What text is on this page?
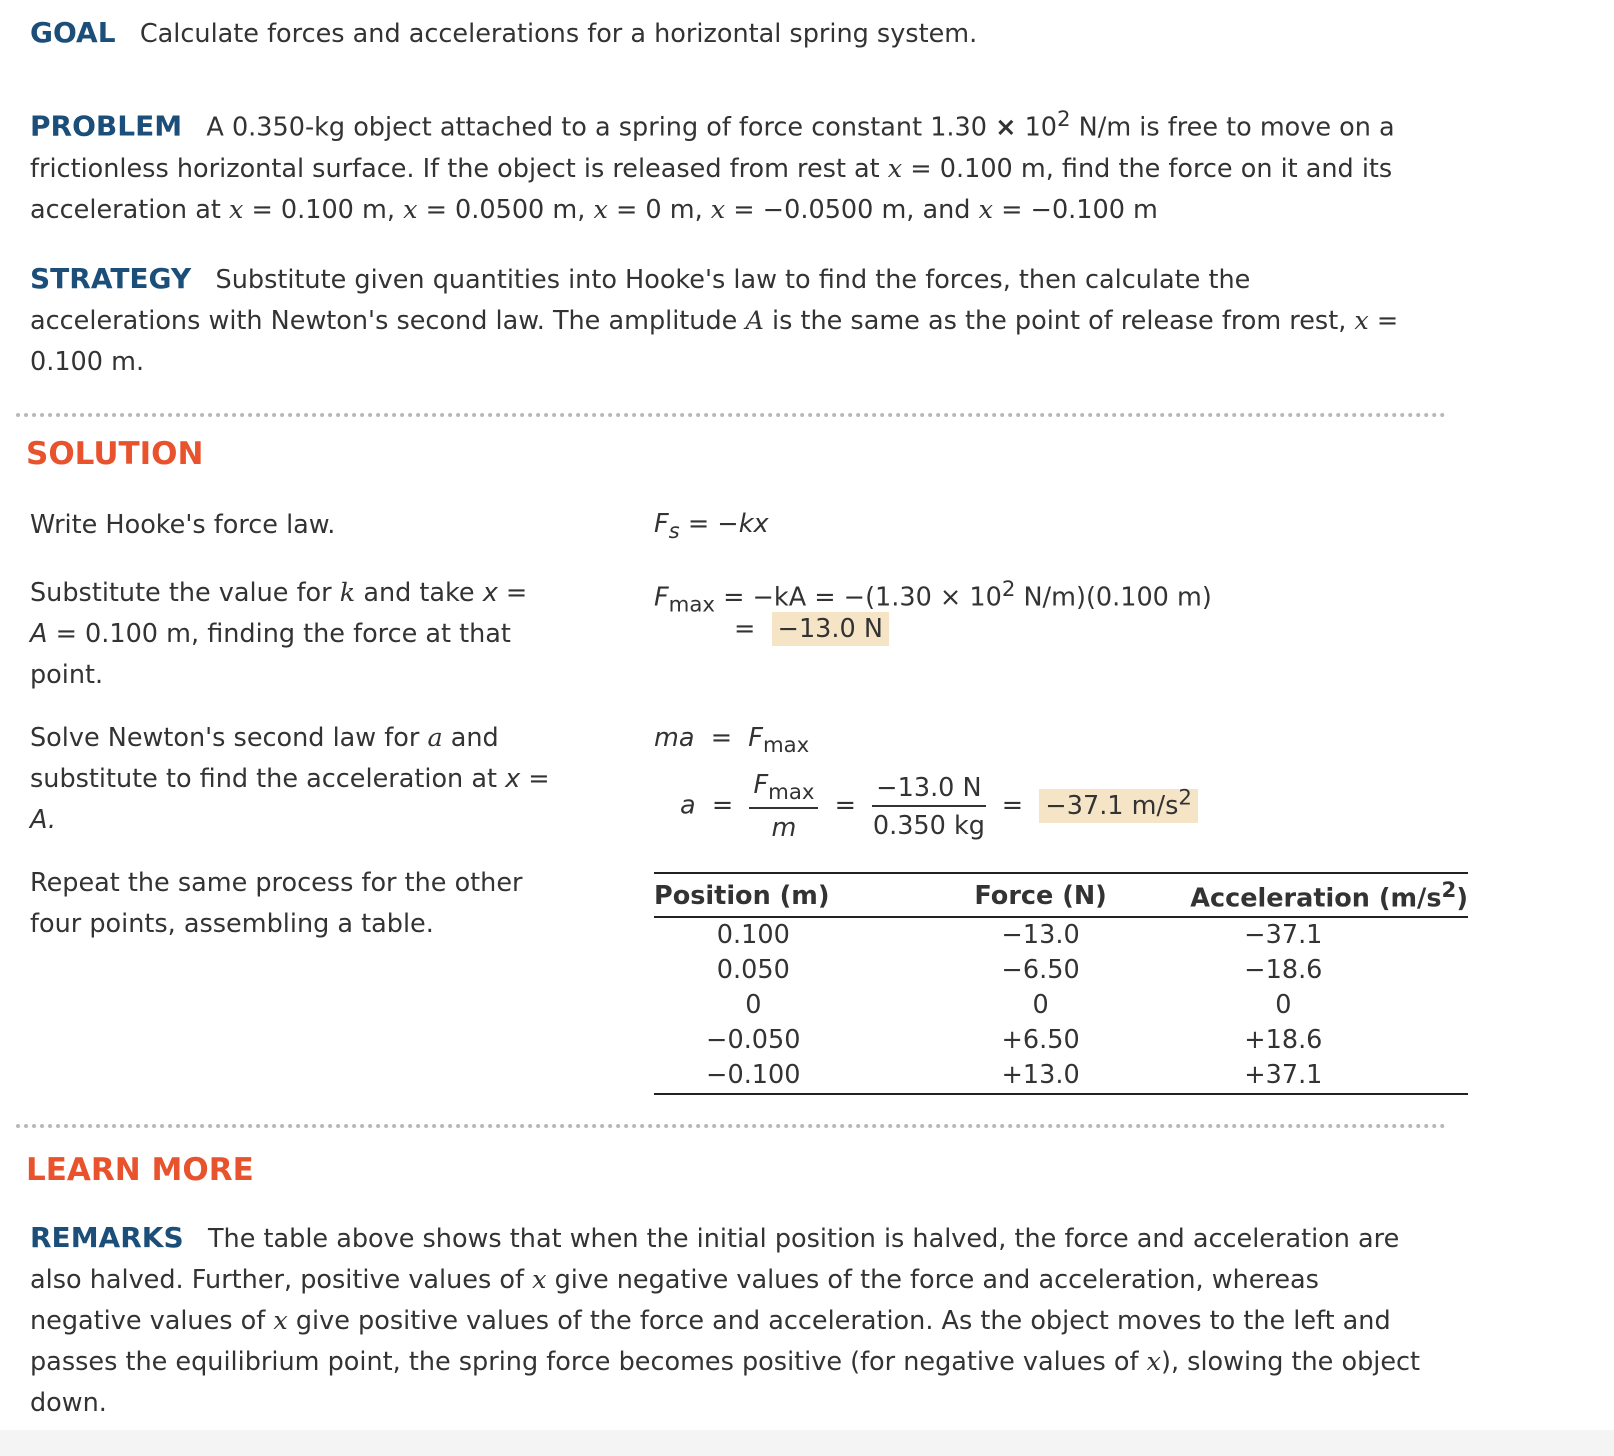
GOAL Calculate forces and accelerations for a horizontal spring system.
PROBLEM A 0.350-kg object attached to a spring of force constant $1.30 \times 10^2$ N/m is free to move on a frictionless horizontal surface. If the object is released from rest at x = 0.100 m, find the force on it and its acceleration at x = 0.100 m, x = 0.0500 m, x = 0 m, x = −0.0500 m, and x = −0.100 m
STRATEGY Substitute given quantities into Hooke's law to find the forces, then calculate the accelerations with Newton's second law. The amplitude A is the same as the point of release from rest, x = 0.100 m.
SOLUTION
Write Hooke's force law.	$F_s = -kx$
Substitute the value for k and take x = A = 0.100 m, finding the force at that point.
$F_{max} = -kA = -(1.30 \times 10^2$ N/m)(0.100 m)
= −13.0 N
Solve Newton's second law for a and substitute to find the acceleration at x = A.
ma = $F_{max}$
$a = \frac{F_{max}}{m} = \frac{-13.0 N}{0.350 kg} = -37.1$ $m/s^2$
Repeat the same process for the other four points, assembling a table.
Position (m)	Force (N)	Acceleration $(m/s^2)$
0.100	−13.0	−37.1
0.050	−6.50	−18.6
0	0	0
−0.050	+6.50	+18.6
−0.100	+13.0	+37.1
LEARN MORE
REMARKS The table above shows that when the initial position is halved, the force and acceleration are also halved. Further, positive values of x give negative values of the force and acceleration, whereas negative values of x give positive values of the force and acceleration. As the object moves to the left and passes the equilibrium point, the spring force becomes positive (for negative values of x), slowing the object down.
